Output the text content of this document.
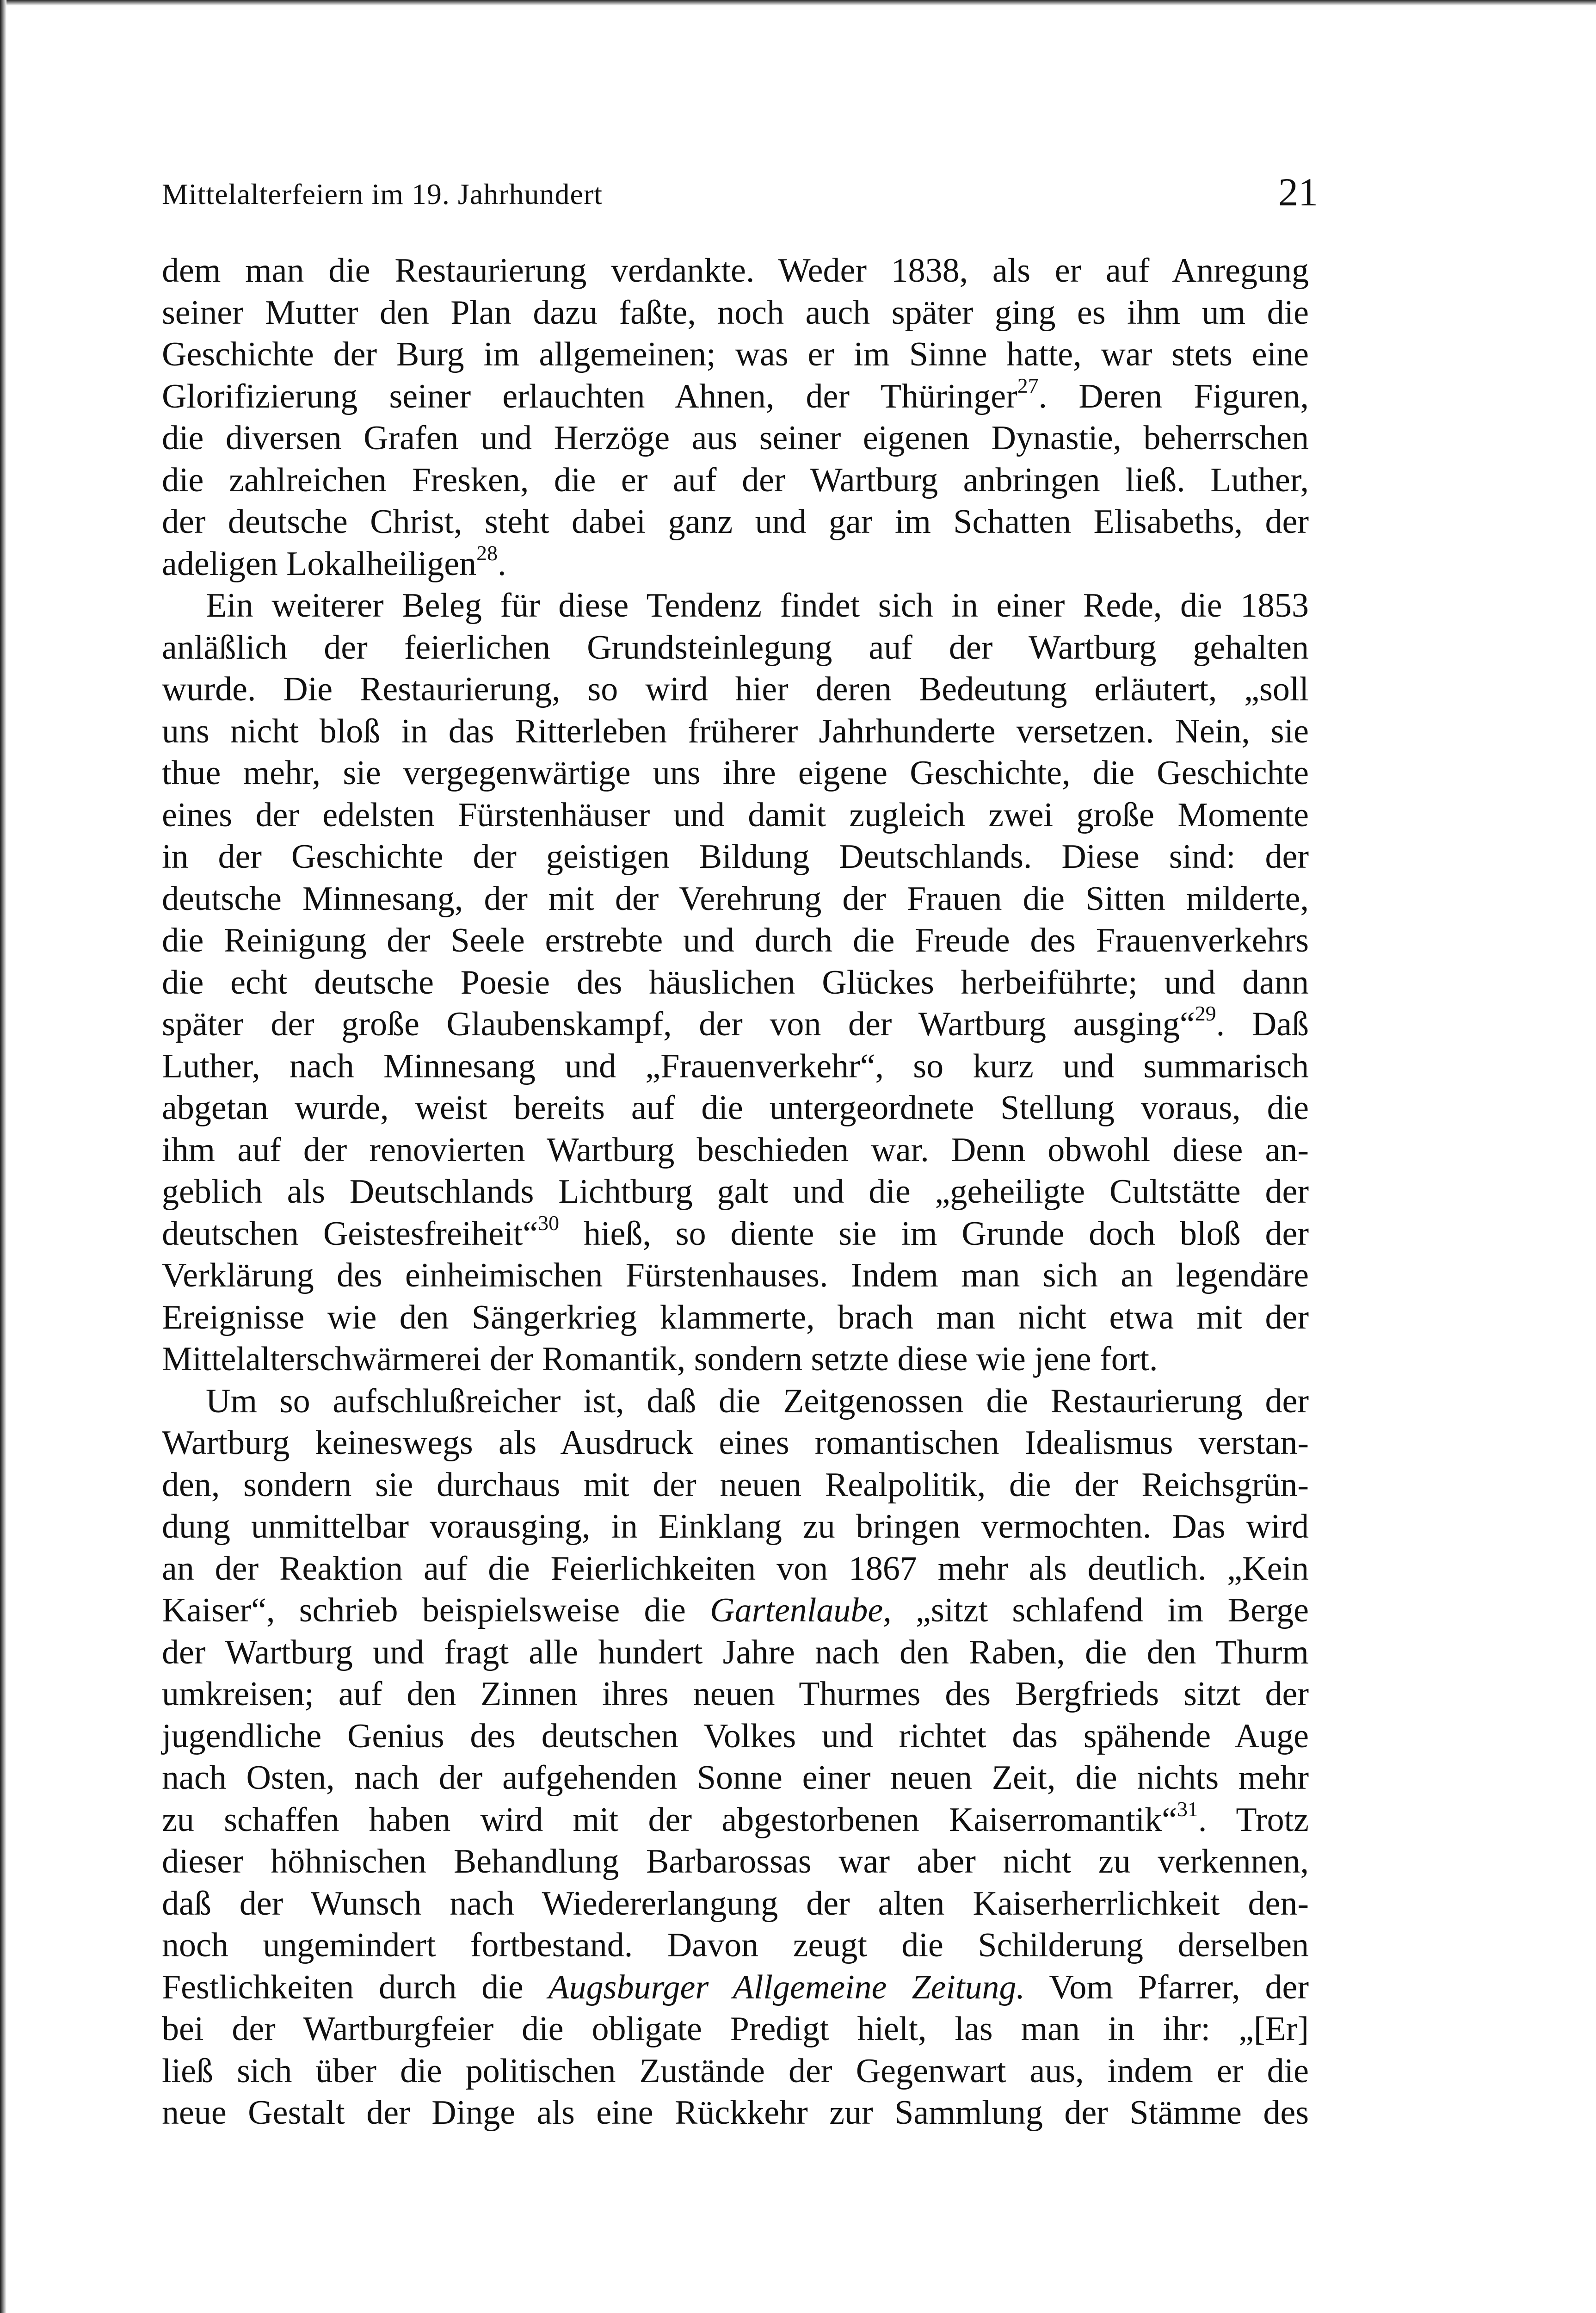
Mittelalterfeiern im 19. Jahrhundert	21
dem man die Restaurierung verdankte. Weder 1838, als er auf Anregung
seiner Mutter den Plan dazu faßte, noch auch später ging es ihm um die
Geschichte der Burg im allgemeinen; was er im Sinne hatte, war stets eine
Glorifizierung seiner erlauchten Ahnen, der Thüringer$^{27}$. Deren Figuren,
die diversen Grafen und Herzöge aus seiner eigenen Dynastie, beherrschen
die zahlreichen Fresken, die er auf der Wartburg anbringen ließ. Luther,
der deutsche Christ, steht dabei ganz und gar im Schatten Elisabeths, der
adeligen Lokalheiligen$^{28}$.
Ein weiterer Beleg für diese Tendenz findet sich in einer Rede, die 1853
anläßlich der feierlichen Grundsteinlegung auf der Wartburg gehalten
wurde. Die Restaurierung, so wird hier deren Bedeutung erläutert, „soll
uns nicht bloß in das Ritterleben früherer Jahrhunderte versetzen. Nein, sie
thue mehr, sie vergegenwärtige uns ihre eigene Geschichte, die Geschichte
eines der edelsten Fürstenhäuser und damit zugleich zwei große Momente
in der Geschichte der geistigen Bildung Deutschlands. Diese sind: der
deutsche Minnesang, der mit der Verehrung der Frauen die Sitten milderte,
die Reinigung der Seele erstrebte und durch die Freude des Frauenverkehrs
die echt deutsche Poesie des häuslichen Glückes herbeiführte; und dann
später der große Glaubenskampf, der von der Wartburg ausging“$^{29}$. Daß
Luther, nach Minnesang und „Frauenverkehr“, so kurz und summarisch
abgetan wurde, weist bereits auf die untergeordnete Stellung voraus, die
ihm auf der renovierten Wartburg beschieden war. Denn obwohl diese an-
geblich als Deutschlands Lichtburg galt und die „geheiligte Cultstätte der
deutschen Geistesfreiheit“$^{30}$ hieß, so diente sie im Grunde doch bloß der
Verklärung des einheimischen Fürstenhauses. Indem man sich an legendäre
Ereignisse wie den Sängerkrieg klammerte, brach man nicht etwa mit der
Mittelalterschwärmerei der Romantik, sondern setzte diese wie jene fort.
Um so aufschlußreicher ist, daß die Zeitgenossen die Restaurierung der
Wartburg keineswegs als Ausdruck eines romantischen Idealismus verstan-
den, sondern sie durchaus mit der neuen Realpolitik, die der Reichsgrün-
dung unmittelbar vorausging, in Einklang zu bringen vermochten. Das wird
an der Reaktion auf die Feierlichkeiten von 1867 mehr als deutlich. „Kein
Kaiser“, schrieb beispielsweise die Gartenlaube, „sitzt schlafend im Berge
der Wartburg und fragt alle hundert Jahre nach den Raben, die den Thurm
umkreisen; auf den Zinnen ihres neuen Thurmes des Bergfrieds sitzt der
jugendliche Genius des deutschen Volkes und richtet das spähende Auge
nach Osten, nach der aufgehenden Sonne einer neuen Zeit, die nichts mehr
zu schaffen haben wird mit der abgestorbenen Kaiserromantik“$^{31}$. Trotz
dieser höhnischen Behandlung Barbarossas war aber nicht zu verkennen,
daß der Wunsch nach Wiedererlangung der alten Kaiserherrlichkeit den-
noch ungemindert fortbestand. Davon zeugt die Schilderung derselben
Festlichkeiten durch die Augsburger Allgemeine Zeitung. Vom Pfarrer, der
bei der Wartburgfeier die obligate Predigt hielt, las man in ihr: „[Er]
ließ sich über die politischen Zustände der Gegenwart aus, indem er die
neue Gestalt der Dinge als eine Rückkehr zur Sammlung der Stämme des
